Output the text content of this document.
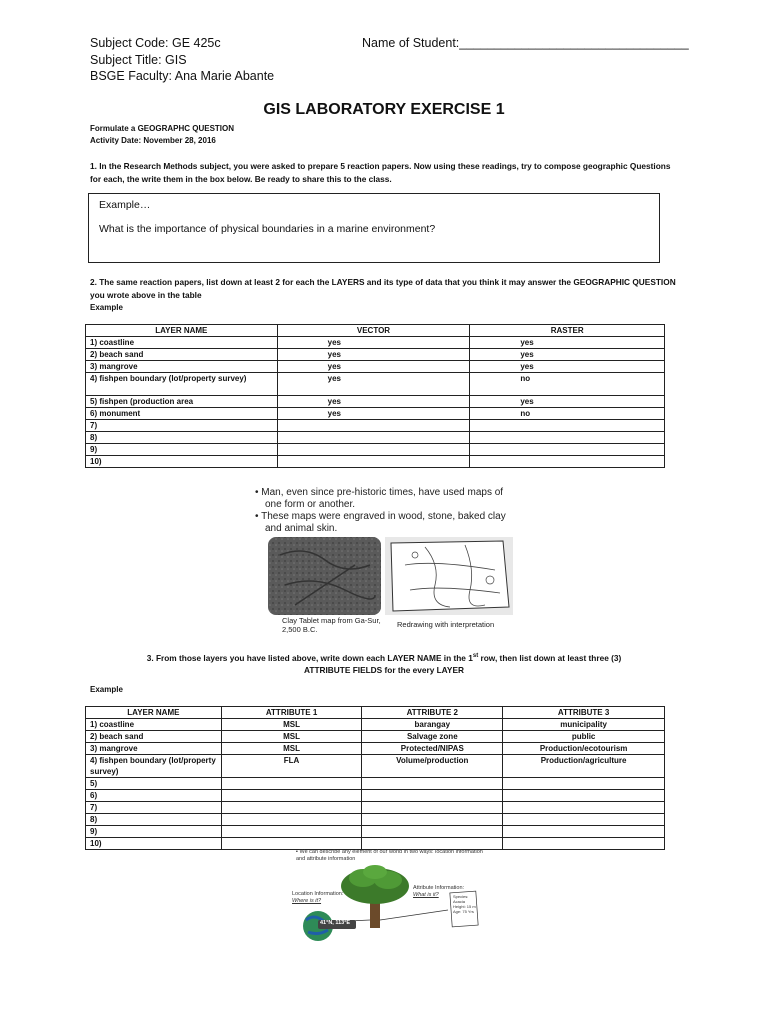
Subject Code: GE 425c
Subject Title: GIS
BSGE Faculty: Ana Marie Abante
Name of Student:_________________________________
GIS LABORATORY EXERCISE 1
Formulate a GEOGRAPHC QUESTION
Activity Date: November 28, 2016
1. In the Research Methods subject, you were asked to prepare 5 reaction papers. Now using these readings, try to compose geographic Questions for each, the write them in the box below. Be ready to share this to the class.
Example…
What is the importance of physical boundaries in a marine environment?
2. The same reaction papers, list down at least 2 for each the LAYERS and its type of data that you think it may answer the GEOGRAPHIC QUESTION you wrote above in the table
Example
LAYER NAME	VECTOR	RASTER
1) coastline	yes	yes
2) beach sand	yes	yes
3) mangrove	yes	yes
4) fishpen boundary (lot/property survey)	yes	no
5) fishpen (production area	yes	yes
6) monument	yes	no
7)		
8)		
9)		
10)		
• Man, even since pre-historic times, have used maps of one form or another.
• These maps were engraved in wood, stone, baked clay and animal skin.
Clay Tablet map from Ga-Sur, 2,500 B.C.
Redrawing with interpretation
3. From those layers you have listed above, write down each LAYER NAME in the 1st row, then list down at least three (3)
ATTRIBUTE FIELDS for the every LAYER
Example
LAYER NAME	ATTRIBUTE 1	ATTRIBUTE 2	ATTRIBUTE 3
1) coastline	MSL	barangay	municipality
2) beach sand	MSL	Salvage zone	public
3) mangrove	MSL	Protected/NIPAS	Production/ecotourism
4) fishpen boundary (lot/property survey)	FLA	Volume/production	Production/agriculture
5)			
6)			
7)			
8)			
9)			
10)			
▪ We can describe any element of our world in two ways: location information and attribute information
Location Information:
Where is it?
Attribute Information:
What is it?
41°N, 113°E
Species: Acacia
Height: 15 m
Age: 75 Yrs
